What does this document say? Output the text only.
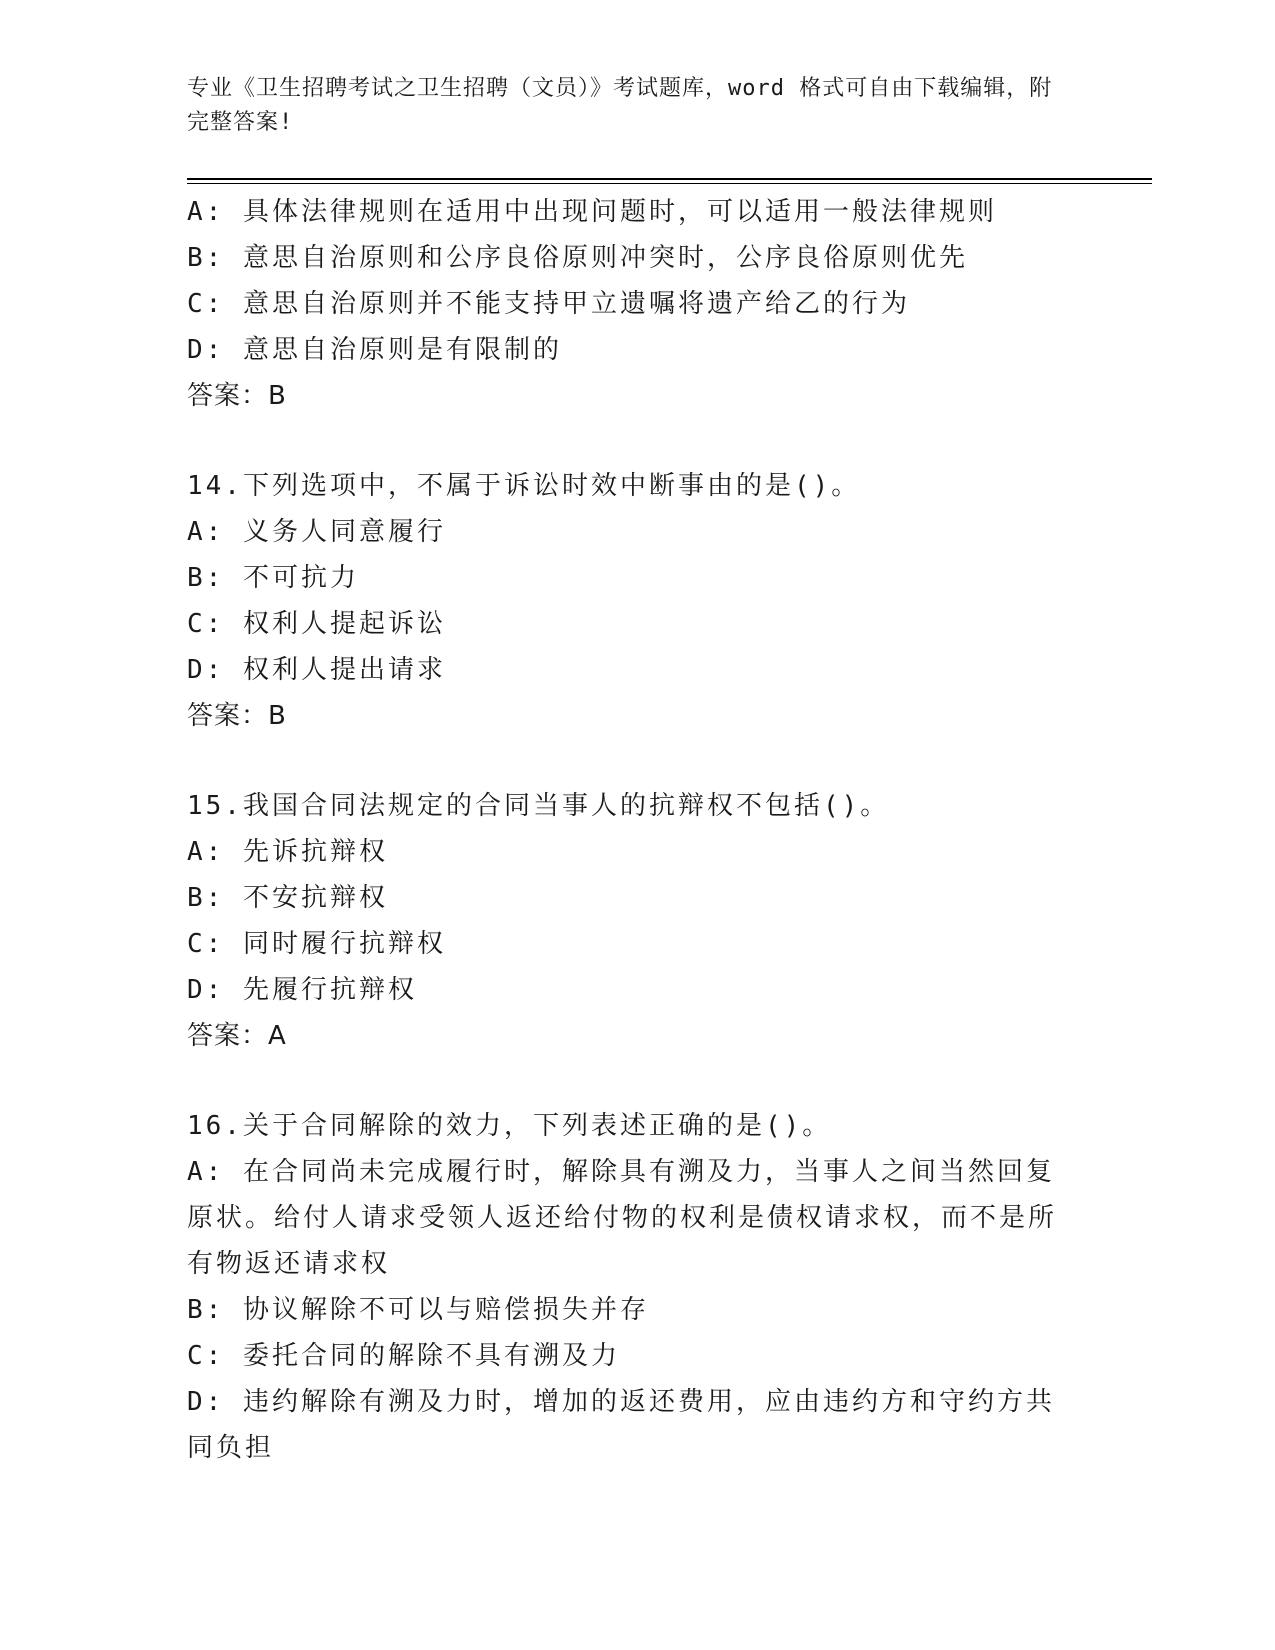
专业《卫生招聘考试之卫生招聘（文员）》考试题库，word 格式可自由下载编辑，附完整答案!
A: 具体法律规则在适用中出现问题时，可以适用一般法律规则
B: 意思自治原则和公序良俗原则冲突时，公序良俗原则优先
C: 意思自治原则并不能支持甲立遗嘱将遗产给乙的行为
D: 意思自治原则是有限制的
答案：B
14.下列选项中，不属于诉讼时效中断事由的是()。
A: 义务人同意履行
B: 不可抗力
C: 权利人提起诉讼
D: 权利人提出请求
答案：B
15.我国合同法规定的合同当事人的抗辩权不包括()。
A: 先诉抗辩权
B: 不安抗辩权
C: 同时履行抗辩权
D: 先履行抗辩权
答案：A
16.关于合同解除的效力，下列表述正确的是()。
A: 在合同尚未完成履行时，解除具有溯及力，当事人之间当然回复原状。给付人请求受领人返还给付物的权利是债权请求权，而不是所有物返还请求权
B: 协议解除不可以与赔偿损失并存
C: 委托合同的解除不具有溯及力
D: 违约解除有溯及力时，增加的返还费用，应由违约方和守约方共同负担
